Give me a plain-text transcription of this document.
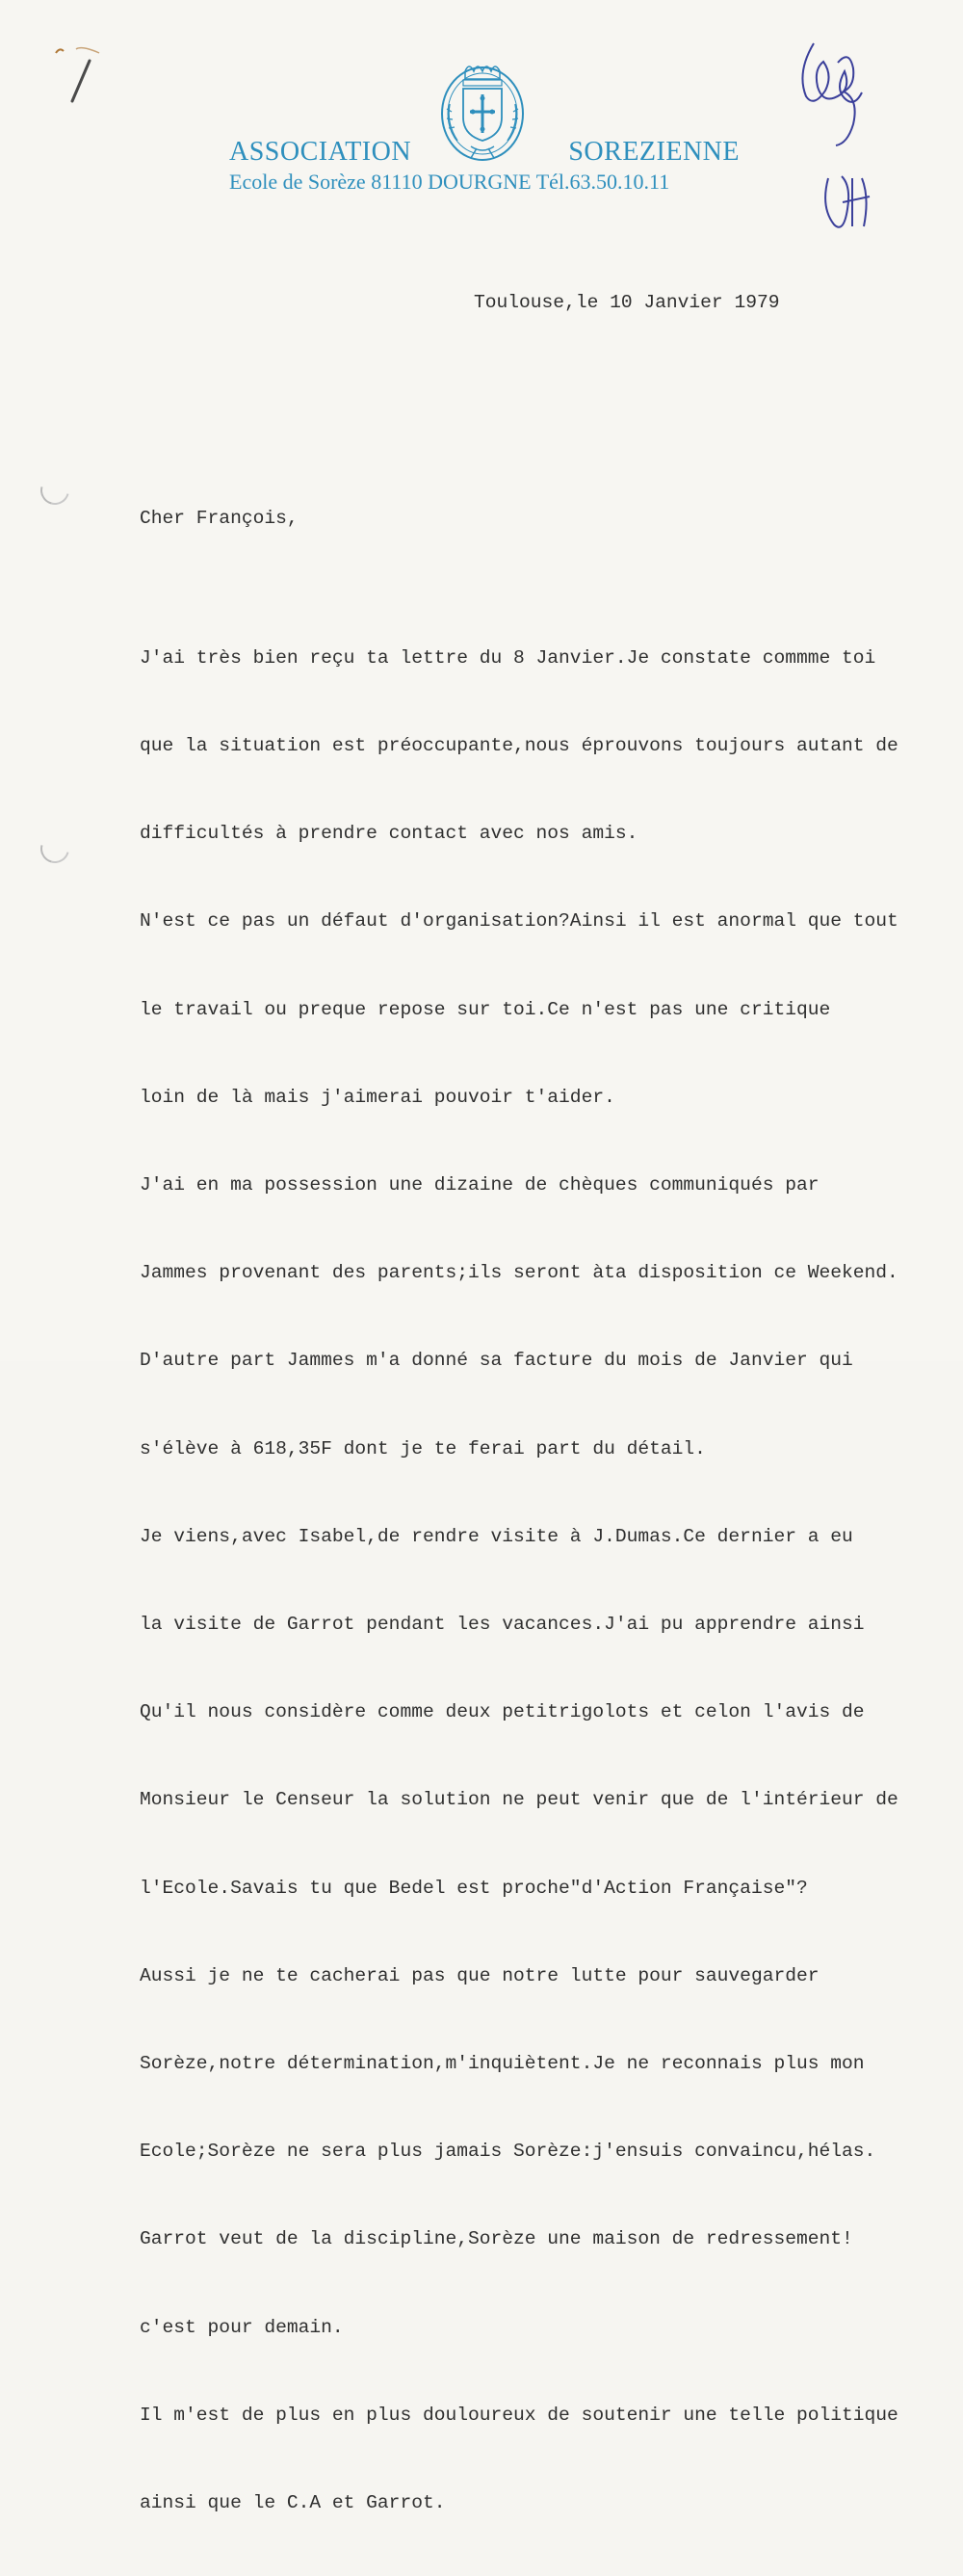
ASSOCIATION	SOREZIENNE
Ecole de Sorèze 81110 DOURGNE Tél.63.50.10.11
Toulouse,le 10 Janvier 1979
Cher François,

J'ai très bien reçu ta lettre du 8 Janvier.Je constate commme toi

que la situation est préoccupante,nous éprouvons toujours autant de

difficultés à prendre contact avec nos amis.

N'est ce pas un défaut d'organisation?Ainsi il est anormal que tout

le travail ou preque repose sur toi.Ce n'est pas une critique

loin de là mais j'aimerai pouvoir t'aider.

J'ai en ma possession une dizaine de chèques communiqués par

Jammes provenant des parents;ils seront àta disposition ce Weekend.

D'autre part Jammes m'a donné sa facture du mois de Janvier qui

s'élève à 618,35F dont je te ferai part du détail.

Je viens,avec Isabel,de rendre visite à J.Dumas.Ce dernier a eu

la visite de Garrot pendant les vacances.J'ai pu apprendre ainsi

Qu'il nous considère comme deux petitrigolots et celon l'avis de

Monsieur le Censeur la solution ne peut venir que de l'intérieur de

l'Ecole.Savais tu que Bedel est proche"d'Action Française"?

Aussi je ne te cacherai pas que notre lutte pour sauvegarder

Sorèze,notre détermination,m'inquiètent.Je ne reconnais plus mon

Ecole;Sorèze ne sera plus jamais Sorèze:j'ensuis convaincu,hélas.

Garrot veut de la discipline,Sorèze une maison de redressement!

c'est pour demain.

Il m'est de plus en plus douloureux de soutenir une telle politique

ainsi que le C.A et Garrot.
